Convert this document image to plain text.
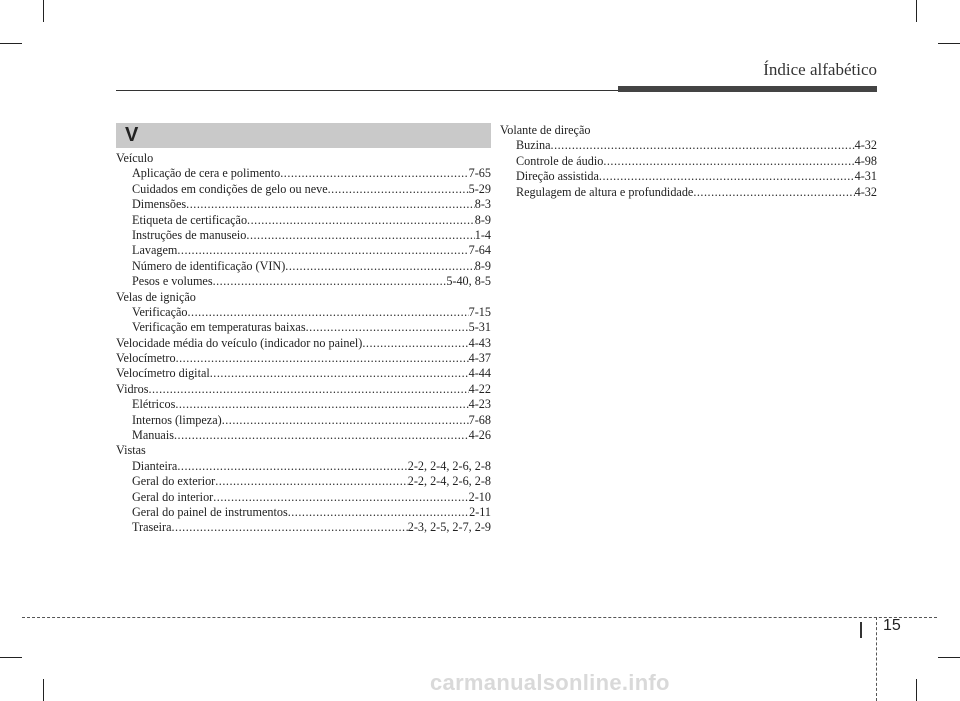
Índice alfabético
V
Veículo
Aplicação de cera e polimento .....	7-65
Cuidados em condições de gelo ou neve .....	5-29
Dimensões .....	8-3
Etiqueta de certificação .....	8-9
Instruções de manuseio .....	1-4
Lavagem .....	7-64
Número de identificação (VIN) .....	8-9
Pesos e volumes .....	5-40, 8-5
Velas de ignição
Verificação .....	7-15
Verificação em temperaturas baixas .....	5-31
Velocidade média do veículo (indicador no painel) .....	4-43
Velocímetro .....	4-37
Velocímetro digital .....	4-44
Vidros .....	4-22
Elétricos .....	4-23
Internos (limpeza) .....	7-68
Manuais .....	4-26
Vistas
Dianteira .....	2-2, 2-4, 2-6, 2-8
Geral do exterior .....	2-2, 2-4, 2-6, 2-8
Geral do interior .....	2-10
Geral do painel de instrumentos .....	2-11
Traseira .....	2-3, 2-5, 2-7, 2-9
Volante de direção
Buzina .....	4-32
Controle de áudio .....	4-98
Direção assistida .....	4-31
Regulagem de altura e profundidade .....	4-32
15
carmanualsonline.info
